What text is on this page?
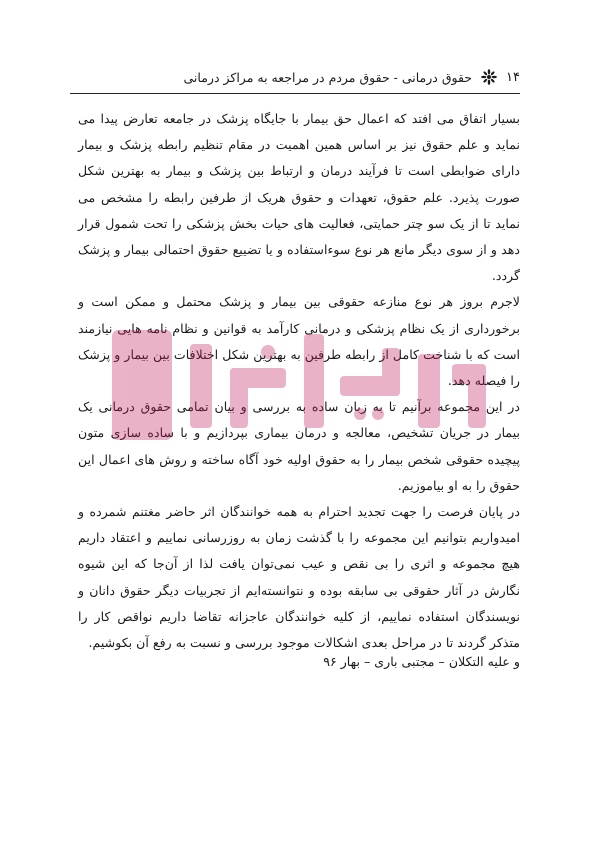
۱۴
حقوق درمانی - حقوق مردم در مراجعه به مراکز درمانی

بسیار اتفاق می افتد که اعمال حق بیمار با جایگاه پزشک در جامعه تعارض پیدا می نماید و علم حقوق نیز بر اساس همین اهمیت در مقام تنظیم رابطه پزشک و بیمار دارای ضوابطی است تا فرآیند درمان و ارتباط بین پزشک و بیمار به بهترین شکل صورت پذیرد. علم حقوق، تعهدات و حقوق هریک از طرفین رابطه را مشخص می نماید تا از یک سو چتر حمایتی، فعالیت های حیات بخش پزشکی را تحت شمول قرار دهد و از سوی دیگر مانع هر نوع سوءاستفاده و یا تضییع حقوق احتمالی بیمار و پزشک گردد.

لاجرم بروز هر نوع منازعه حقوقی بین بیمار و پزشک محتمل و ممکن است و برخورداری از یک نظام پزشکی و درمانی کارآمد به قوانین و نظام نامه هایی نیازمند است که با شناخت کامل از رابطه طرفین به بهترین شکل اختلافات بین بیمار و پزشک را فیصله دهد.

در این مجموعه برآنیم تا به زبان ساده به بررسی و بیان تمامی حقوق درمانی یک بیمار در جریان تشخیص، معالجه و درمان بیماری بپردازیم و با ساده سازی متون پیچیده حقوقی شخص بیمار را به حقوق اولیه خود آگاه ساخته و روش های اعمال این حقوق را به او بیاموزیم.

در پایان فرصت را جهت تجدید احترام به همه خوانندگان اثر حاضر مغتنم شمرده و امیدواریم بتوانیم این مجموعه را با گذشت زمان به روزرسانی نماییم و اعتقاد داریم هیچ مجموعه و اثری را بی نقص و عیب نمی‌توان یافت لذا از آن‌جا که این شیوه نگارش در آثار حقوقی بی سابقه بوده و نتوانسته‌ایم از تجربیات دیگر حقوق دانان و نویسندگان استفاده نماییم، از کلیه خوانندگان عاجزانه تقاضا داریم نواقص کار را متذکر گردند تا در مراحل بعدی اشکالات موجود بررسی و نسبت به رفع آن بکوشیم.

و علیه التکلان – مجتبی باری – بهار ۹۶
